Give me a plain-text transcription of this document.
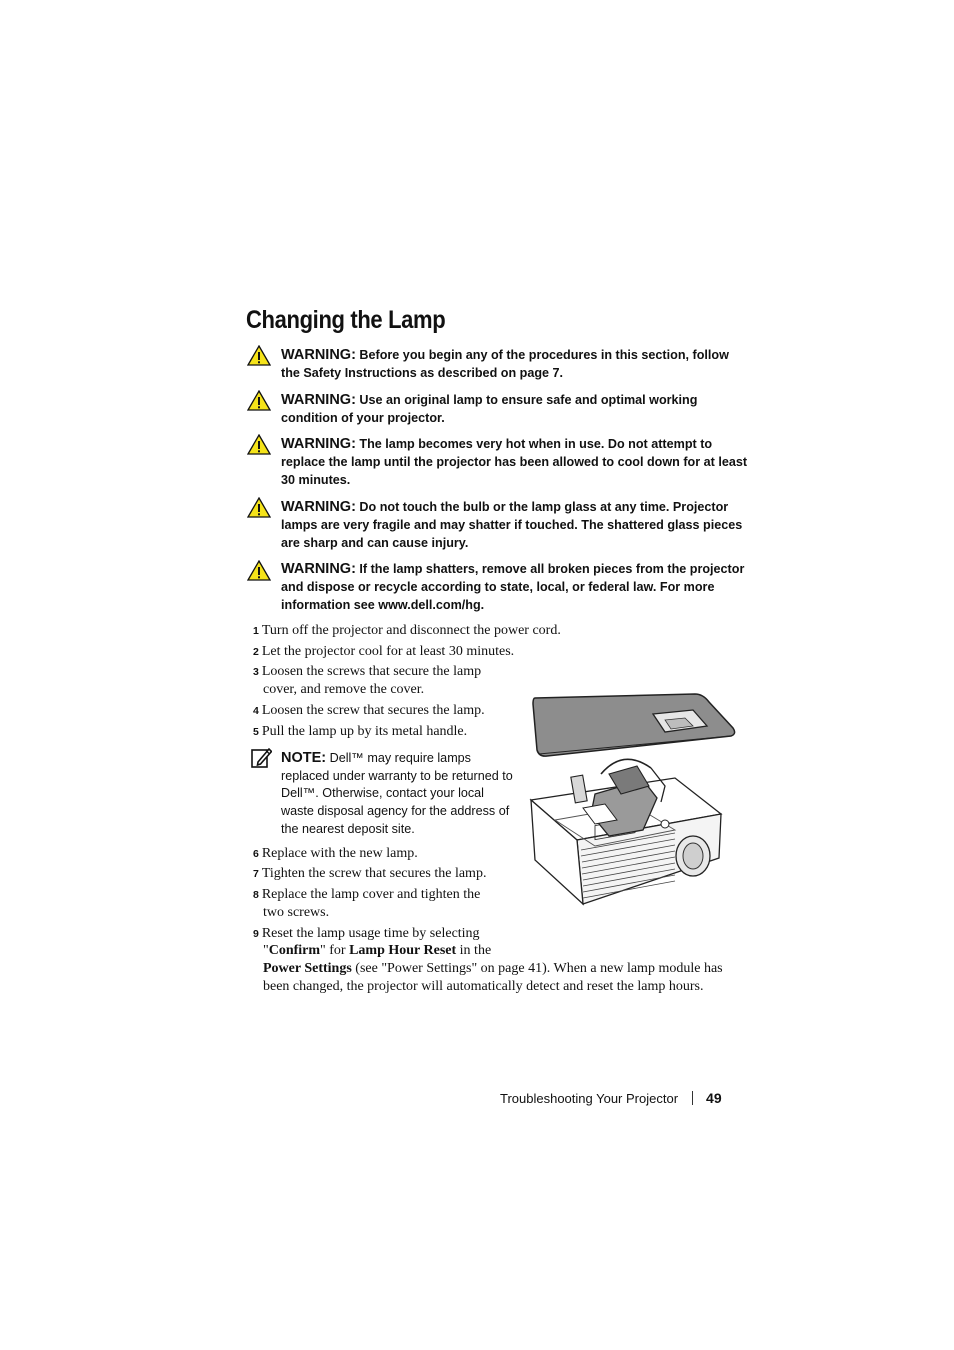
Changing the Lamp
WARNING: Before you begin any of the procedures in this section, follow the Safety Instructions as described on page 7.
WARNING: Use an original lamp to ensure safe and optimal working condition of your projector.
WARNING: The lamp becomes very hot when in use. Do not attempt to replace the lamp until the projector has been allowed to cool down for at least 30 minutes.
WARNING: Do not touch the bulb or the lamp glass at any time. Projector lamps are very fragile and may shatter if touched. The shattered glass pieces are sharp and can cause injury.
WARNING: If the lamp shatters, remove all broken pieces from the projector and dispose or recycle according to state, local, or federal law. For more information see www.dell.com/hg.
1 Turn off the projector and disconnect the power cord.
2 Let the projector cool for at least 30 minutes.
3 Loosen the screws that secure the lamp
cover, and remove the cover.
4 Loosen the screw that secures the lamp.
5 Pull the lamp up by its metal handle.
NOTE: Dell™ may require lamps replaced under warranty to be returned to Dell™. Otherwise, contact your local waste disposal agency for the address of the nearest deposit site.
6 Replace with the new lamp.
7 Tighten the screw that secures the lamp.
8 Replace the lamp cover and tighten the
two screws.
9 Reset the lamp usage time by selecting
"Confirm" for Lamp Hour Reset in the
Power Settings (see "Power Settings" on page 41). When a new lamp module has
been changed, the projector will automatically detect and reset the lamp hours.
Troubleshooting Your Projector 49
